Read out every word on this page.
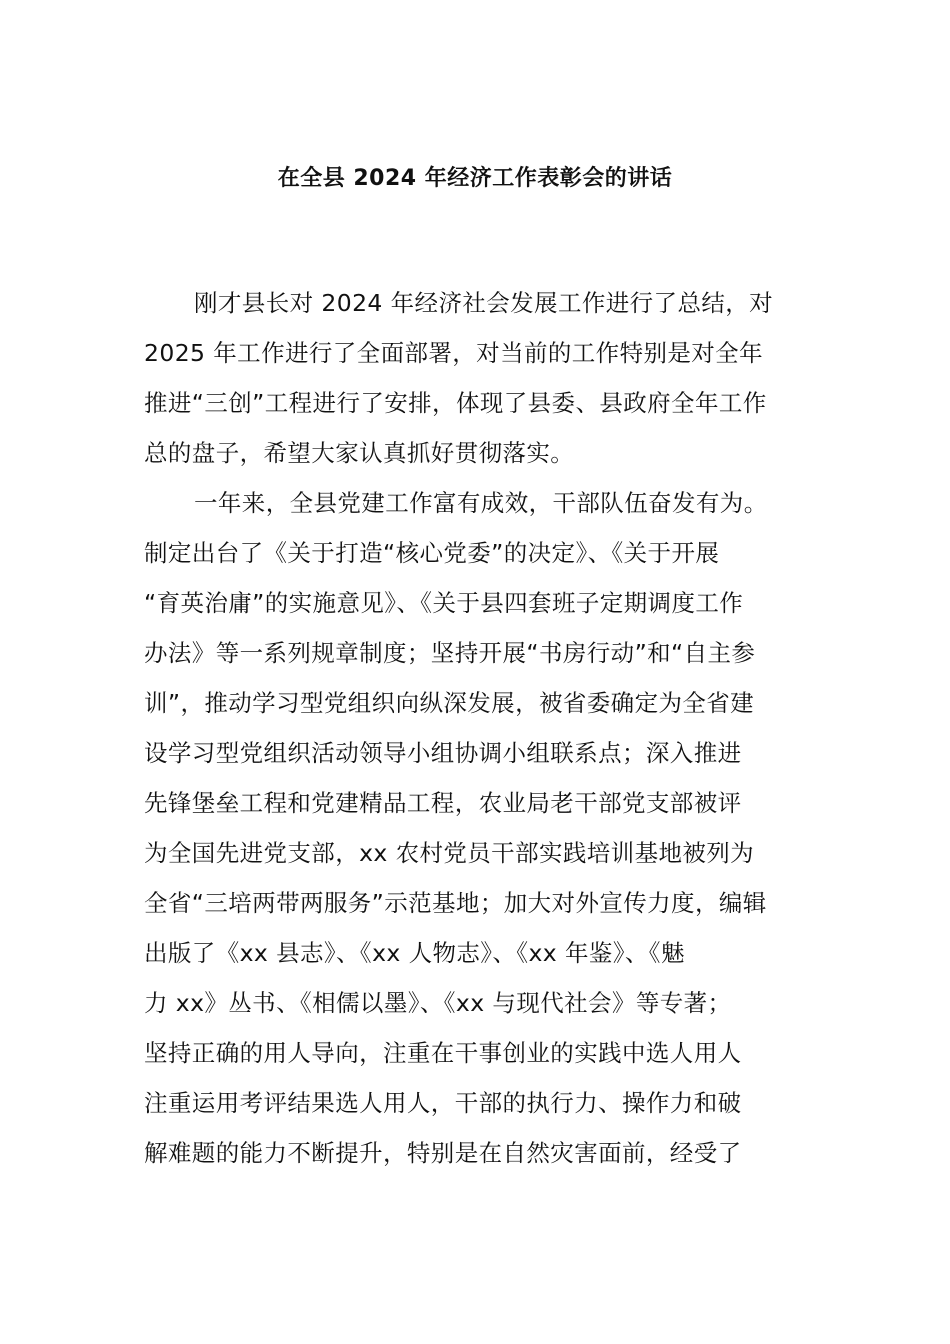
在全县 2024 年经济工作表彰会的讲话
刚才县长对 2024 年经济社会发展工作进行了总结，对
2025 年工作进行了全面部署，对当前的工作特别是对全年
推进“三创”工程进行了安排，体现了县委、县政府全年工作
总的盘子，希望大家认真抓好贯彻落实。
一年来，全县党建工作富有成效，干部队伍奋发有为。
制定出台了《关于打造“核心党委”的决定》、《关于开展
“育英治庸”的实施意见》、《关于县四套班子定期调度工作
办法》等一系列规章制度；坚持开展“书房行动”和“自主参
训”，推动学习型党组织向纵深发展，被省委确定为全省建
设学习型党组织活动领导小组协调小组联系点；深入推进
先锋堡垒工程和党建精品工程，农业局老干部党支部被评
为全国先进党支部，xx 农村党员干部实践培训基地被列为
全省“三培两带两服务”示范基地；加大对外宣传力度，编辑
出版了《xx 县志》、《xx 人物志》、《xx 年鉴》、《魅
力 xx》丛书、《相儒以墨》、《xx 与现代社会》等专著；
坚持正确的用人导向，注重在干事创业的实践中选人用人
注重运用考评结果选人用人，干部的执行力、操作力和破
解难题的能力不断提升，特别是在自然灾害面前，经受了
